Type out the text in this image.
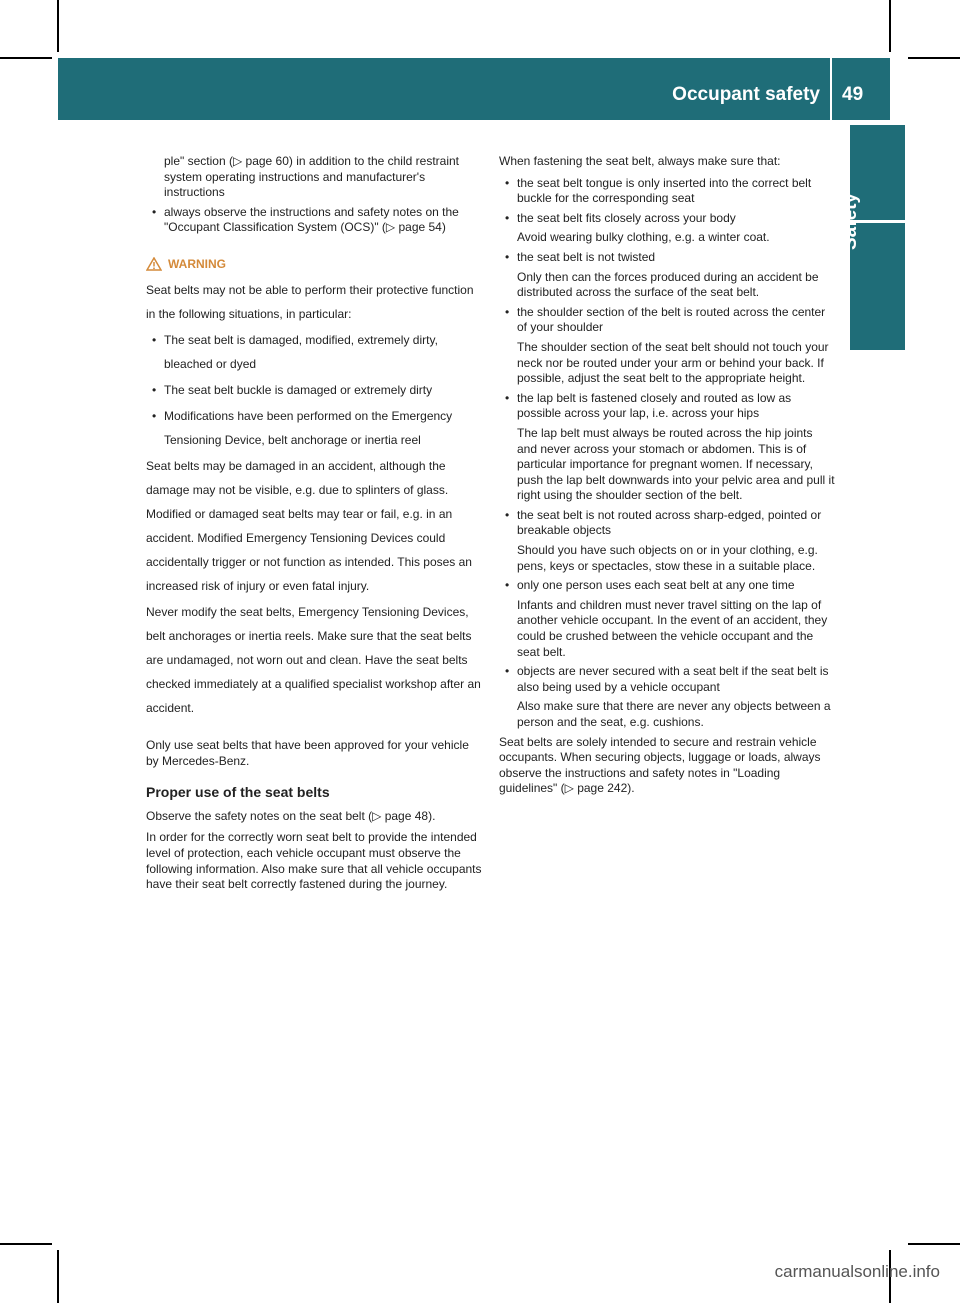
Occupant safety 49
Safety

ple" section (▷ page 60) in addition to the child restraint system operating instructions and manufacturer's instructions

• always observe the instructions and safety notes on the "Occupant Classification System (OCS)" (▷ page 54)

WARNING

Seat belts may not be able to perform their protective function in the following situations, in particular:

• The seat belt is damaged, modified, extremely dirty, bleached or dyed

• The seat belt buckle is damaged or extremely dirty

• Modifications have been performed on the Emergency Tensioning Device, belt anchorage or inertia reel

Seat belts may be damaged in an accident, although the damage may not be visible, e.g. due to splinters of glass. Modified or damaged seat belts may tear or fail, e.g. in an accident. Modified Emergency Tensioning Devices could accidentally trigger or not function as intended. This poses an increased risk of injury or even fatal injury.

Never modify the seat belts, Emergency Tensioning Devices, belt anchorages or inertia reels. Make sure that the seat belts are undamaged, not worn out and clean. Have the seat belts checked immediately at a qualified specialist workshop after an accident.

Only use seat belts that have been approved for your vehicle by Mercedes-Benz.

Proper use of the seat belts

Observe the safety notes on the seat belt (▷ page 48).

In order for the correctly worn seat belt to provide the intended level of protection, each vehicle occupant must observe the following information. Also make sure that all vehicle occupants have their seat belt correctly fastened during the journey.

When fastening the seat belt, always make sure that:

• the seat belt tongue is only inserted into the correct belt buckle for the corresponding seat

• the seat belt fits closely across your body

Avoid wearing bulky clothing, e.g. a winter coat.

• the seat belt is not twisted

Only then can the forces produced during an accident be distributed across the surface of the seat belt.

• the shoulder section of the belt is routed across the center of your shoulder

The shoulder section of the seat belt should not touch your neck nor be routed under your arm or behind your back. If possible, adjust the seat belt to the appropriate height.

• the lap belt is fastened closely and routed as low as possible across your lap, i.e. across your hips

The lap belt must always be routed across the hip joints and never across your stomach or abdomen. This is of particular importance for pregnant women. If necessary, push the lap belt downwards into your pelvic area and pull it right using the shoulder section of the belt.

• the seat belt is not routed across sharp-edged, pointed or breakable objects

Should you have such objects on or in your clothing, e.g. pens, keys or spectacles, stow these in a suitable place.

• only one person uses each seat belt at any one time

Infants and children must never travel sitting on the lap of another vehicle occupant. In the event of an accident, they could be crushed between the vehicle occupant and the seat belt.

• objects are never secured with a seat belt if the seat belt is also being used by a vehicle occupant

Also make sure that there are never any objects between a person and the seat, e.g. cushions.

Seat belts are solely intended to secure and restrain vehicle occupants. When securing objects, luggage or loads, always observe the instructions and safety notes in "Loading guidelines" (▷ page 242).

carmanualsonline.info
